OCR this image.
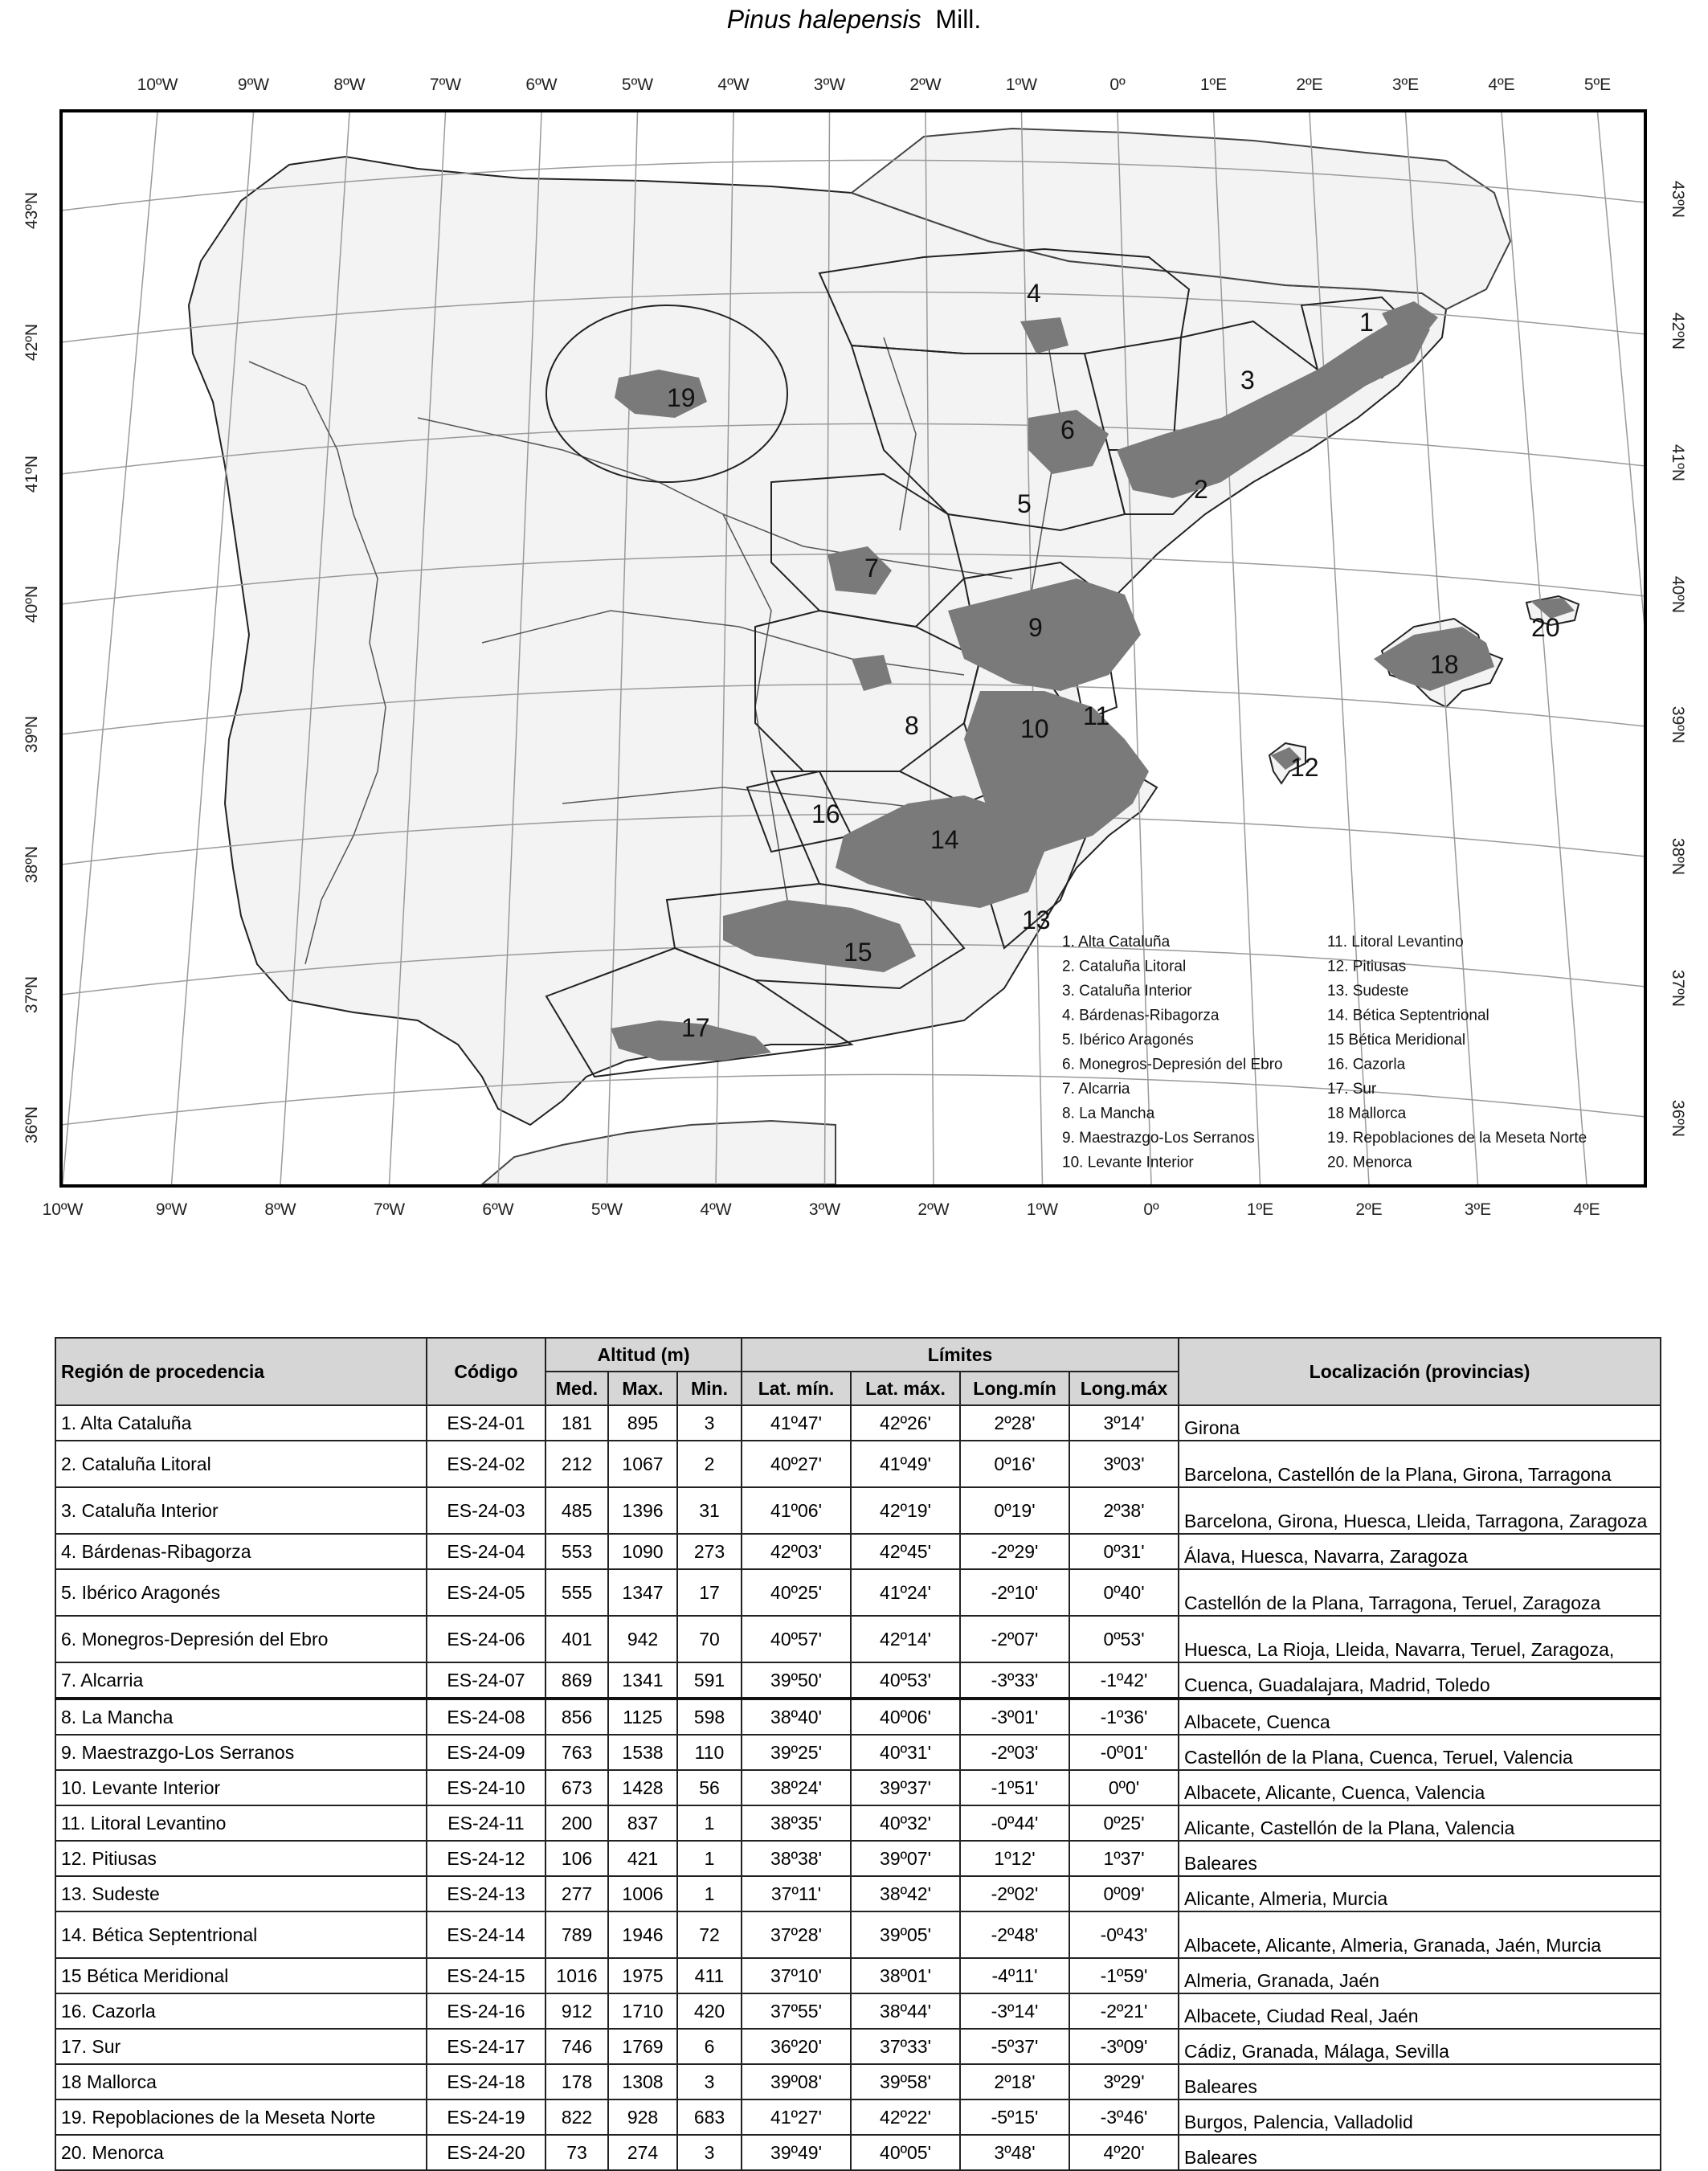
Pinus halepensis Mill.
10ºW	9ºW	8ºW	7ºW	6ºW	5ºW	4ºW	3ºW	2ºW	1ºW	0º	1ºE	2ºE	3ºE	4ºE	5ºE
10ºW	9ºW	8ºW	7ºW	6ºW	5ºW	4ºW	3ºW	2ºW	1ºW	0º	1ºE	2ºE	3ºE	4ºE
43ºN
42ºN
41ºN
40ºN
39ºN
38ºN
37ºN
36ºN
43ºN
42ºN
41ºN
40ºN
39ºN
38ºN
37ºN
36ºN
1
2
3
4
5
6
7
8
9
10 11
12
13
14
15
16
17
18
19
20
1. Alta Cataluña
2. Cataluña Litoral
3. Cataluña Interior
4. Bárdenas-Ribagorza
5. Ibérico Aragonés
6. Monegros-Depresión del Ebro
7. Alcarria
8. La Mancha
9. Maestrazgo-Los Serranos
10. Levante Interior
11. Litoral Levantino
12. Pitiusas
13. Sudeste
14. Bética Septentrional
15 Bética Meridional
16. Cazorla
17. Sur
18 Mallorca
19. Repoblaciones de la Meseta Norte
20. Menorca
Región de procedencia	Código	Altitud (m)			Límites				Localización (provincias)
		Med.	Max.	Min.	Lat. mín.	Lat. máx.	Long.mín	Long.máx	
1. Alta Cataluña	ES-24-01	181	895	3	41º47'	42º26'	2º28'	3º14'	Girona
2. Cataluña Litoral	ES-24-02	212	1067	2	40º27'	41º49'	0º16'	3º03'	Barcelona, Castellón de la Plana, Girona, Tarragona
3. Cataluña Interior	ES-24-03	485	1396	31	41º06'	42º19'	0º19'	2º38'	Barcelona, Girona, Huesca, Lleida, Tarragona, Zaragoza
4. Bárdenas-Ribagorza	ES-24-04	553	1090	273	42º03'	42º45'	-2º29'	0º31'	Álava, Huesca, Navarra, Zaragoza
5. Ibérico Aragonés	ES-24-05	555	1347	17	40º25'	41º24'	-2º10'	0º40'	Castellón de la Plana, Tarragona, Teruel, Zaragoza
6. Monegros-Depresión del Ebro	ES-24-06	401	942	70	40º57'	42º14'	-2º07'	0º53'	Huesca, La Rioja, Lleida, Navarra, Teruel, Zaragoza,
7. Alcarria	ES-24-07	869	1341	591	39º50'	40º53'	-3º33'	-1º42'	Cuenca, Guadalajara, Madrid, Toledo
8. La Mancha	ES-24-08	856	1125	598	38º40'	40º06'	-3º01'	-1º36'	Albacete, Cuenca
9. Maestrazgo-Los Serranos	ES-24-09	763	1538	110	39º25'	40º31'	-2º03'	-0º01'	Castellón de la Plana, Cuenca, Teruel, Valencia
10. Levante Interior	ES-24-10	673	1428	56	38º24'	39º37'	-1º51'	0º0'	Albacete, Alicante, Cuenca, Valencia
11. Litoral Levantino	ES-24-11	200	837	1	38º35'	40º32'	-0º44'	0º25'	Alicante, Castellón de la Plana, Valencia
12. Pitiusas	ES-24-12	106	421	1	38º38'	39º07'	1º12'	1º37'	Baleares
13. Sudeste	ES-24-13	277	1006	1	37º11'	38º42'	-2º02'	0º09'	Alicante, Almeria, Murcia
14. Bética Septentrional	ES-24-14	789	1946	72	37º28'	39º05'	-2º48'	-0º43'	Albacete, Alicante, Almeria, Granada, Jaén, Murcia
15 Bética Meridional	ES-24-15	1016	1975	411	37º10'	38º01'	-4º11'	-1º59'	Almeria, Granada, Jaén
16. Cazorla	ES-24-16	912	1710	420	37º55'	38º44'	-3º14'	-2º21'	Albacete, Ciudad Real, Jaén
17. Sur	ES-24-17	746	1769	6	36º20'	37º33'	-5º37'	-3º09'	Cádiz, Granada, Málaga, Sevilla
18 Mallorca	ES-24-18	178	1308	3	39º08'	39º58'	2º18'	3º29'	Baleares
19. Repoblaciones de la Meseta Norte	ES-24-19	822	928	683	41º27'	42º22'	-5º15'	-3º46'	Burgos, Palencia, Valladolid
20. Menorca	ES-24-20	73	274	3	39º49'	40º05'	3º48'	4º20'	Baleares
